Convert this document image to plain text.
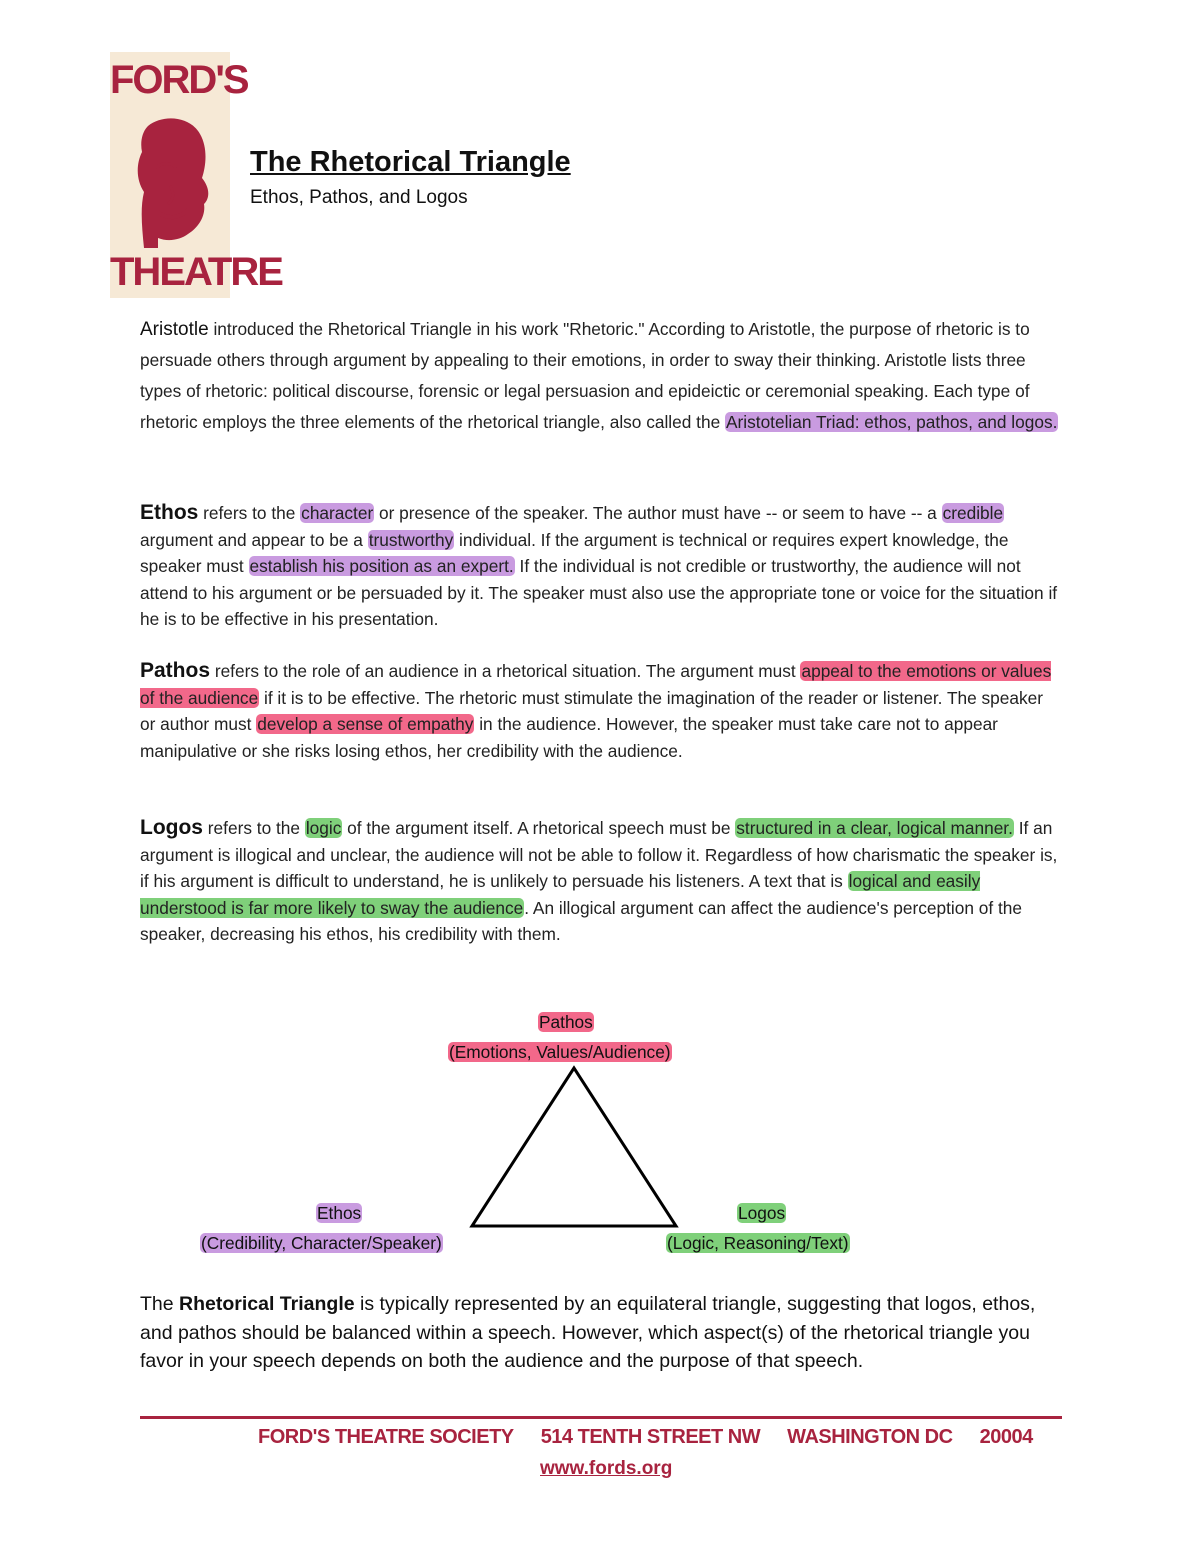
FORD'S
THEATRE
The Rhetorical Triangle
Ethos, Pathos, and Logos
Aristotle introduced the Rhetorical Triangle in his work "Rhetoric." According to Aristotle, the purpose of rhetoric is to persuade others through argument by appealing to their emotions, in order to sway their thinking. Aristotle lists three types of rhetoric: political discourse, forensic or legal persuasion and epideictic or ceremonial speaking. Each type of rhetoric employs the three elements of the rhetorical triangle, also called the Aristotelian Triad: ethos, pathos, and logos.
Ethos refers to the character or presence of the speaker. The author must have -- or seem to have -- a credible argument and appear to be a trustworthy individual. If the argument is technical or requires expert knowledge, the speaker must establish his position as an expert. If the individual is not credible or trustworthy, the audience will not attend to his argument or be persuaded by it. The speaker must also use the appropriate tone or voice for the situation if he is to be effective in his presentation.
Pathos refers to the role of an audience in a rhetorical situation. The argument must appeal to the emotions or values of the audience if it is to be effective. The rhetoric must stimulate the imagination of the reader or listener. The speaker or author must develop a sense of empathy in the audience. However, the speaker must take care not to appear manipulative or she risks losing ethos, her credibility with the audience.
Logos refers to the logic of the argument itself. A rhetorical speech must be structured in a clear, logical manner. If an argument is illogical and unclear, the audience will not be able to follow it. Regardless of how charismatic the speaker is, if his argument is difficult to understand, he is unlikely to persuade his listeners. A text that is logical and easily understood is far more likely to sway the audience. An illogical argument can affect the audience's perception of the speaker, decreasing his ethos, his credibility with them.
Pathos
(Emotions, Values/Audience)
Ethos
(Credibility, Character/Speaker)
Logos
(Logic, Reasoning/Text)
The Rhetorical Triangle is typically represented by an equilateral triangle, suggesting that logos, ethos, and pathos should be balanced within a speech. However, which aspect(s) of the rhetorical triangle you favor in your speech depends on both the audience and the purpose of that speech.
FORD'S THEATRE SOCIETY 514 TENTH STREET NW WASHINGTON DC 20004
www.fords.org
